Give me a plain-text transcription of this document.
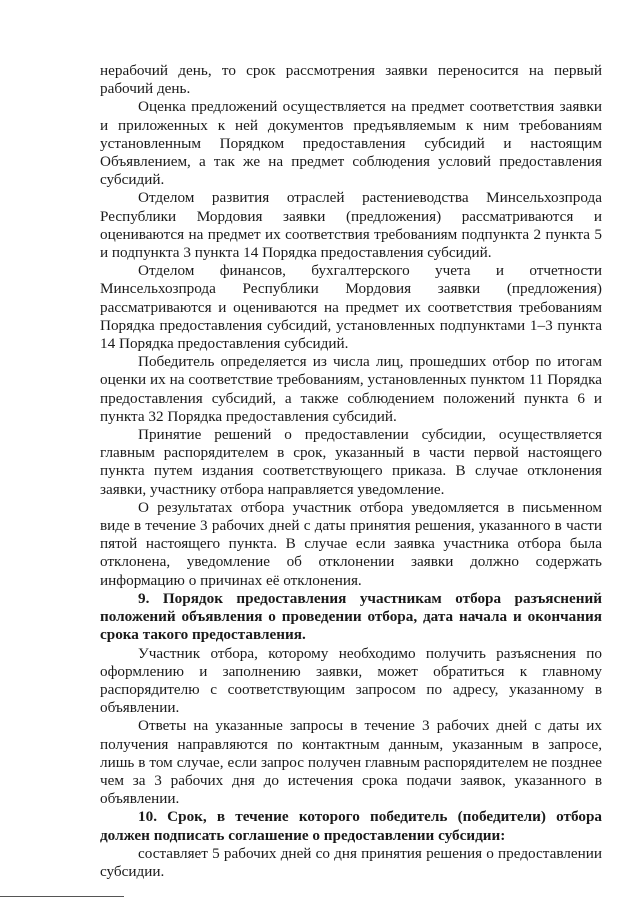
нерабочий день, то срок рассмотрения заявки переносится на первый рабочий день.

Оценка предложений осуществляется на предмет соответствия заявки и приложенных к ней документов предъявляемым к ним требованиям установленным Порядком предоставления субсидий и настоящим Объявлением, а так же на предмет соблюдения условий предоставления субсидий.

Отделом развития отраслей растениеводства Минсельхозпрода Республики Мордовия заявки (предложения) рассматриваются и оцениваются на предмет их соответствия требованиям подпункта 2 пункта 5 и подпункта 3 пункта 14 Порядка предоставления субсидий.

Отделом финансов, бухгалтерского учета и отчетности Минсельхозпрода Республики Мордовия заявки (предложения) рассматриваются и оцениваются на предмет их соответствия требованиям Порядка предоставления субсидий, установленных подпунктами 1–3 пункта 14 Порядка предоставления субсидий.

Победитель определяется из числа лиц, прошедших отбор по итогам оценки их на соответствие требованиям, установленных пунктом 11 Порядка предоставления субсидий, а также соблюдением положений пункта 6 и пункта 32 Порядка предоставления субсидий.

Принятие решений о предоставлении субсидии, осуществляется главным распорядителем в срок, указанный в части первой настоящего пункта путем издания соответствующего приказа. В случае отклонения заявки, участнику отбора направляется уведомление.

О результатах отбора участник отбора уведомляется в письменном виде в течение 3 рабочих дней с даты принятия решения, указанного в части пятой настоящего пункта. В случае если заявка участника отбора была отклонена, уведомление об отклонении заявки должно содержать информацию о причинах её отклонения.

9. Порядок предоставления участникам отбора разъяснений положений объявления о проведении отбора, дата начала и окончания срока такого предоставления.

Участник отбора, которому необходимо получить разъяснения по оформлению и заполнению заявки, может обратиться к главному распорядителю с соответствующим запросом по адресу, указанному в объявлении.

Ответы на указанные запросы в течение 3 рабочих дней с даты их получения направляются по контактным данным, указанным в запросе, лишь в том случае, если запрос получен главным распорядителем не позднее чем за 3 рабочих дня до истечения срока подачи заявок, указанного в объявлении.

10. Срок, в течение которого победитель (победители) отбора должен подписать соглашение о предоставлении субсидии:

составляет 5 рабочих дней со дня принятия решения о предоставлении субсидии.
